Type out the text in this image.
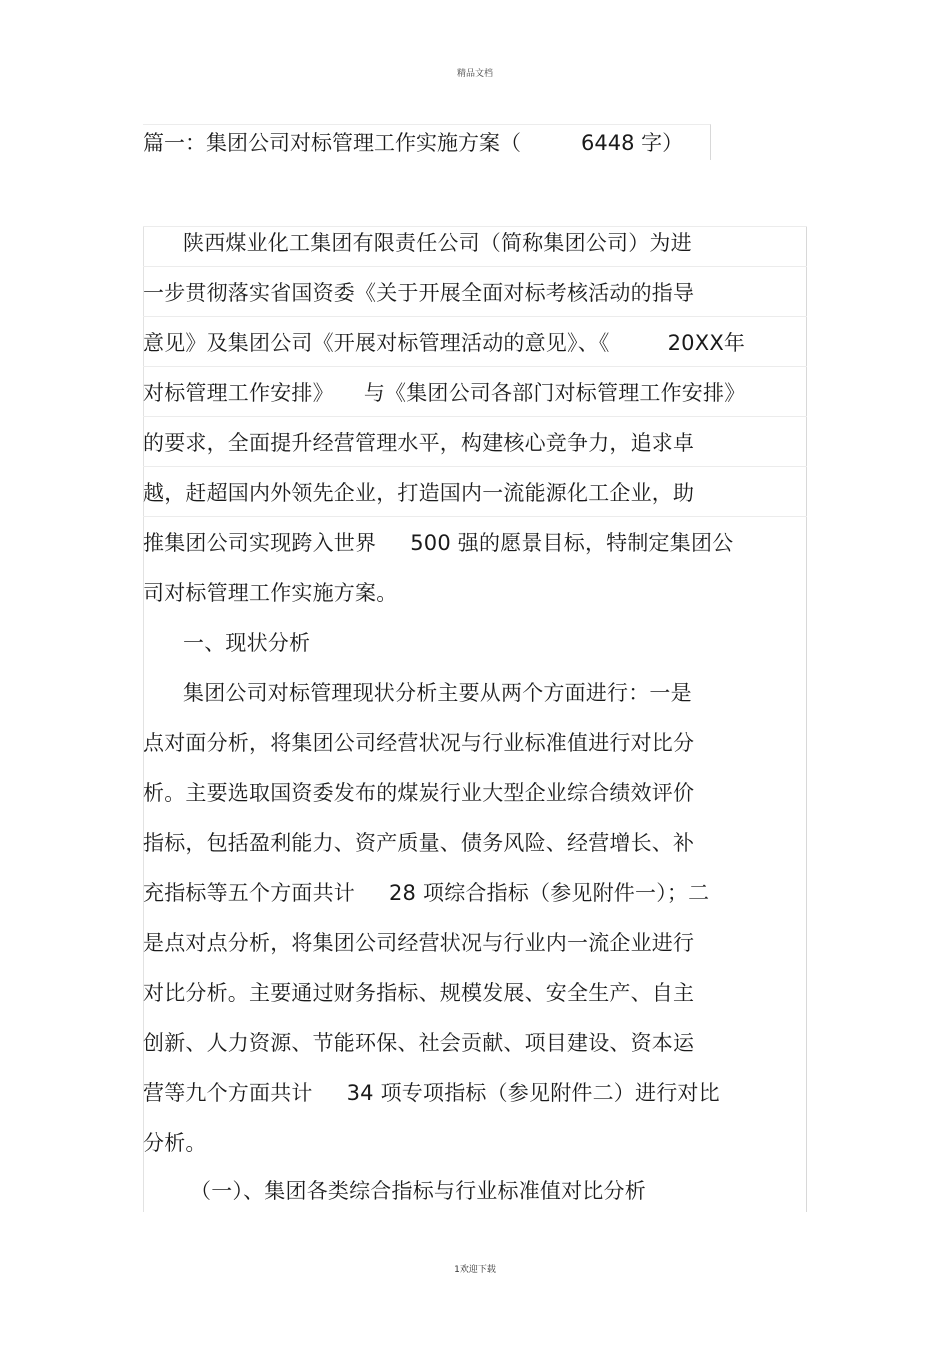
精品文档
篇一：集团公司对标管理工作实施方案（	6448 字）
陕西煤业化工集团有限责任公司（简称集团公司）为进
一步贯彻落实省国资委《关于开展全面对标考核活动的指导
意见》及集团公司《开展对标管理活动的意见》、《	20XX年
对标管理工作安排》 与《集团公司各部门对标管理工作安排》
的要求，全面提升经营管理水平，构建核心竞争力，追求卓
越，赶超国内外领先企业，打造国内一流能源化工企业，助
推集团公司实现跨入世界 500 强的愿景目标，特制定集团公
司对标管理工作实施方案。
一、现状分析
集团公司对标管理现状分析主要从两个方面进行：一是
点对面分析，将集团公司经营状况与行业标准值进行对比分
析。主要选取国资委发布的煤炭行业大型企业综合绩效评价
指标，包括盈利能力、资产质量、债务风险、经营增长、补
充指标等五个方面共计 28 项综合指标（参见附件一）；二
是点对点分析，将集团公司经营状况与行业内一流企业进行
对比分析。主要通过财务指标、规模发展、安全生产、自主
创新、人力资源、节能环保、社会贡献、项目建设、资本运
营等九个方面共计 34 项专项指标（参见附件二）进行对比
分析。
（一）、集团各类综合指标与行业标准值对比分析
1欢迎下载
